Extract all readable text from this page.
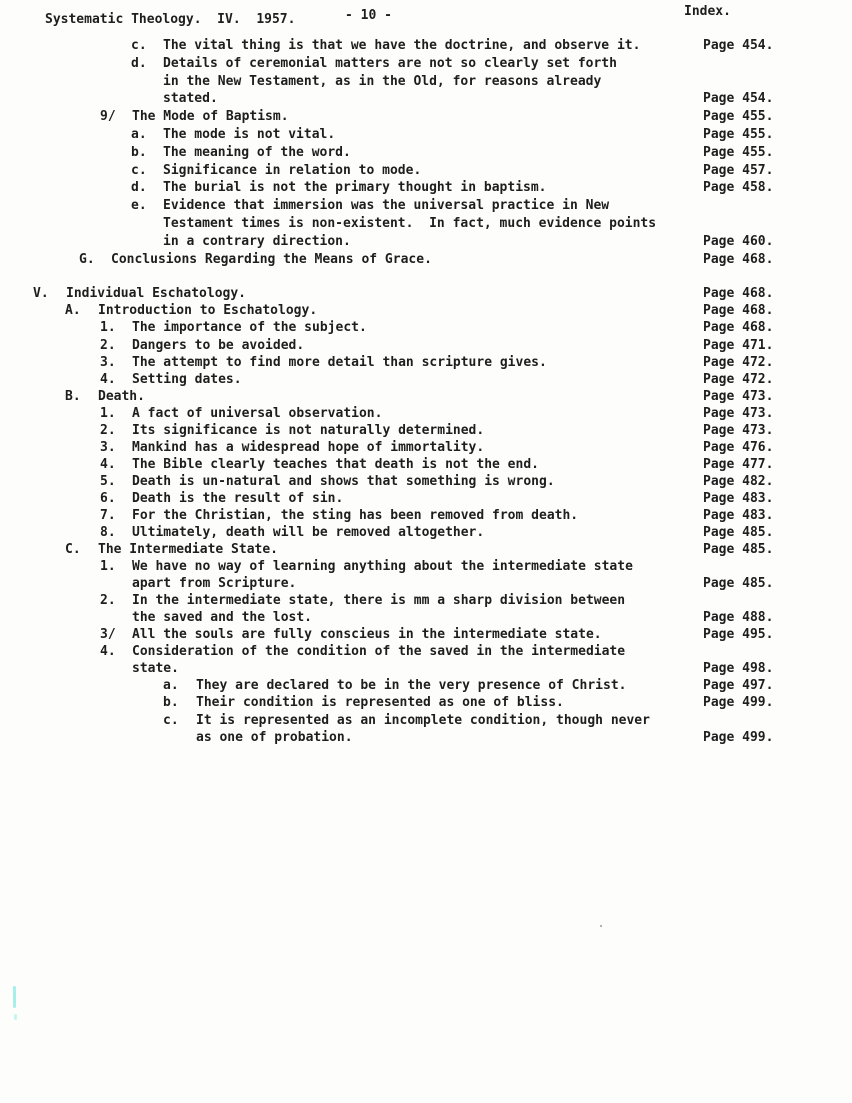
Systematic Theology.  IV.  1957.	- 10 -	Index.
c. The vital thing is that we have the doctrine, and observe it.	Page 454.
d. Details of ceremonial matters are not so clearly set forth
in the New Testament, as in the Old, for reasons already
stated.	Page 454.
9/ The Mode of Baptism.	Page 455.
a. The mode is not vital.	Page 455.
b. The meaning of the word.	Page 455.
c. Significance in relation to mode.	Page 457.
d. The burial is not the primary thought in baptism.	Page 458.
e. Evidence that immersion was the universal practice in New
Testament times is non-existent.  In fact, much evidence points
in a contrary direction.	Page 460.
G. Conclusions Regarding the Means of Grace.	Page 468.
V. Individual Eschatology.	Page 468.
A. Introduction to Eschatology.	Page 468.
1. The importance of the subject.	Page 468.
2. Dangers to be avoided.	Page 471.
3. The attempt to find more detail than scripture gives.	Page 472.
4. Setting dates.	Page 472.
B. Death.	Page 473.
1. A fact of universal observation.	Page 473.
2. Its significance is not naturally determined.	Page 473.
3. Mankind has a widespread hope of immortality.	Page 476.
4. The Bible clearly teaches that death is not the end.	Page 477.
5. Death is un-natural and shows that something is wrong.	Page 482.
6. Death is the result of sin.	Page 483.
7. For the Christian, the sting has been removed from death.	Page 483.
8. Ultimately, death will be removed altogether.	Page 485.
C. The Intermediate State.	Page 485.
1. We have no way of learning anything about the intermediate state
apart from Scripture.	Page 485.
2. In the intermediate state, there is mm a sharp division between
the saved and the lost.	Page 488.
3/ All the souls are fully conscieus in the intermediate state.	Page 495.
4. Consideration of the condition of the saved in the intermediate
state.	Page 498.
a. They are declared to be in the very presence of Christ.	Page 497.
b. Their condition is represented as one of bliss.	Page 499.
c. It is represented as an incomplete condition, though never
as one of probation.	Page 499.
